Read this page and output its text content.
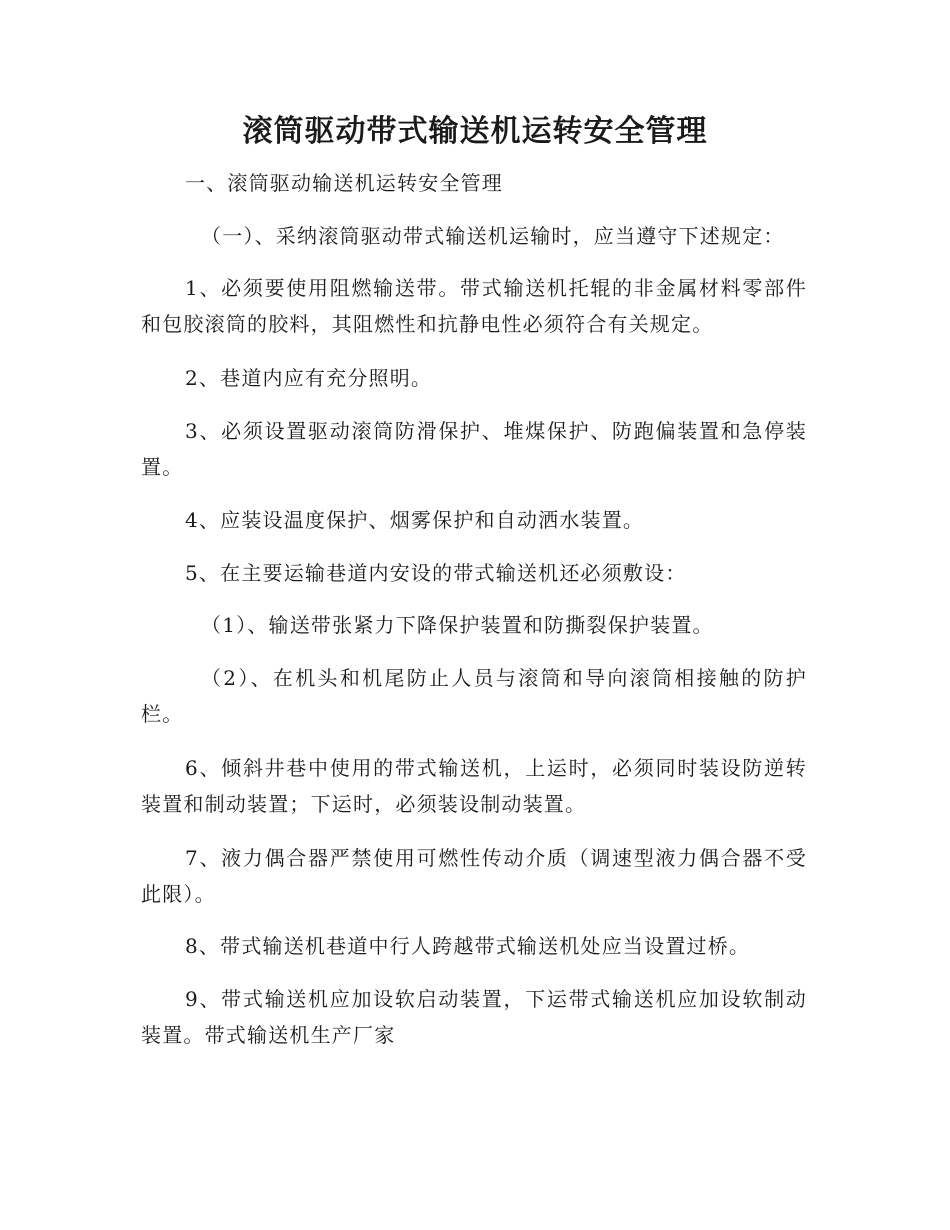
滚筒驱动带式输送机运转安全管理
一、滚筒驱动输送机运转安全管理
（一）、采纳滚筒驱动带式输送机运输时，应当遵守下述规定：
1、必须要使用阻燃输送带。带式输送机托辊的非金属材料零部件和包胶滚筒的胶料，其阻燃性和抗静电性必须符合有关规定。
2、巷道内应有充分照明。
3、必须设置驱动滚筒防滑保护、堆煤保护、防跑偏装置和急停装置。
4、应装设温度保护、烟雾保护和自动洒水装置。
5、在主要运输巷道内安设的带式输送机还必须敷设：
（1）、输送带张紧力下降保护装置和防撕裂保护装置。
（2）、在机头和机尾防止人员与滚筒和导向滚筒相接触的防护栏。
6、倾斜井巷中使用的带式输送机，上运时，必须同时装设防逆转装置和制动装置；下运时，必须装设制动装置。
7、液力偶合器严禁使用可燃性传动介质（调速型液力偶合器不受此限）。
8、带式输送机巷道中行人跨越带式输送机处应当设置过桥。
9、带式输送机应加设软启动装置，下运带式输送机应加设软制动装置。带式输送机生产厂家
